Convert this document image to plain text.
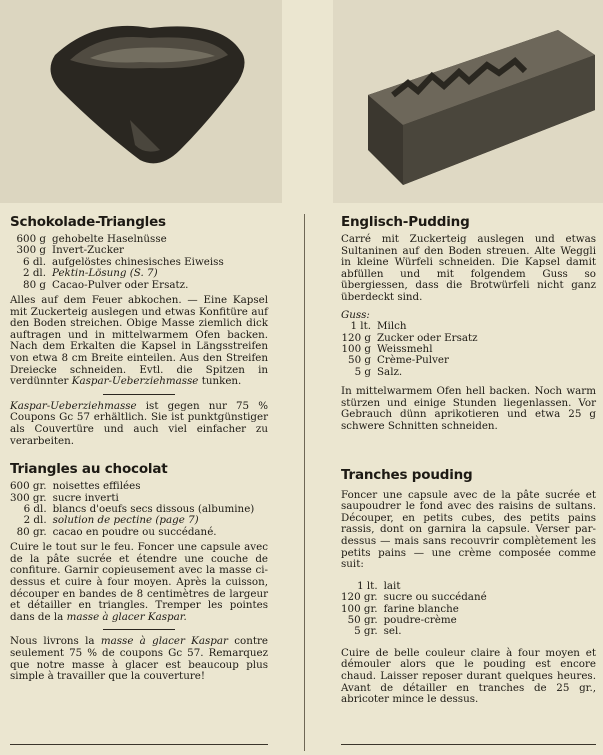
Schokolade-Triangles
600 g	gehobelte Haselnüsse
300 g	Invert-Zucker
6 dl.	aufgelöstes chinesisches Eiweiss
2 dl.	Pektin-Lösung (S. 7)
80 g	Cacao-Pulver oder Ersatz.

Alles auf dem Feuer abkochen. — Eine Kapsel mit Zuckerteig auslegen und etwas Konfitüre auf den Boden streichen. Obige Masse ziemlich dick auftragen und in mittelwarmem Ofen backen. Nach dem Erkalten die Kapsel in Längsstreifen von etwa 8 cm Breite einteilen. Aus den Streifen Dreiecke schneiden. Evtl. die Spitzen in verdünnter Kaspar-Ueberziehmasse tunken.

Kaspar-Ueberziehmasse ist gegen nur 75 % Coupons Gc 57 erhältlich. Sie ist punktgünstiger als Couvertüre und auch viel einfacher zu verarbeiten.

Triangles au chocolat
600 gr.	noisettes effilées
300 gr.	sucre inverti
6 dl.	blancs d'oeufs secs dissous (albumine)
2 dl.	solution de pectine (page 7)
80 gr.	cacao en poudre ou succédané.

Cuire le tout sur le feu. Foncer une capsule avec de la pâte sucrée et étendre une couche de confiture. Garnir copieusement avec la masse ci-dessus et cuire à four moyen. Après la cuisson, découper en bandes de 8 centimètres de largeur et détailler en triangles. Tremper les pointes dans de la masse à glacer Kaspar.

Nous livrons la masse à glacer Kaspar contre seulement 75 % de coupons Gc 57. Remarquez que notre masse à glacer est beaucoup plus simple à travailler que la couverture!

Englisch-Pudding

Carré mit Zuckerteig auslegen und etwas Sultaninen auf den Boden streuen. Alte Weggli in kleine Würfeli schneiden. Die Kapsel damit abfüllen und mit folgendem Guss so übergiessen, dass die Brotwürfeli nicht ganz überdeckt sind.

Guss:

1 lt.	Milch
120 g	Zucker oder Ersatz
100 g	Weissmehl
50 g	Crème-Pulver
5 g	Salz.

In mittelwarmem Ofen hell backen. Noch warm stürzen und einige Stunden liegenlassen. Vor Gebrauch dünn aprikotieren und etwa 25 g schwere Schnitten schneiden.

Tranches pouding

Foncer une capsule avec de la pâte sucrée et saupoudrer le fond avec des raisins de sultans. Découper, en petits cubes, des petits pains rassis, dont on garnira la capsule. Verser par-dessus — mais sans recouvrir complètement les petits pains — une crème composée comme suit:

1 lt.	lait
120 gr.	sucre ou succédané
100 gr.	farine blanche
50 gr.	poudre-crème
5 gr.	sel.

Cuire de belle couleur claire à four moyen et démouler alors que le pouding est encore chaud. Laisser reposer durant quelques heures. Avant de détailler en tranches de 25 gr., abricoter mince le dessus.
